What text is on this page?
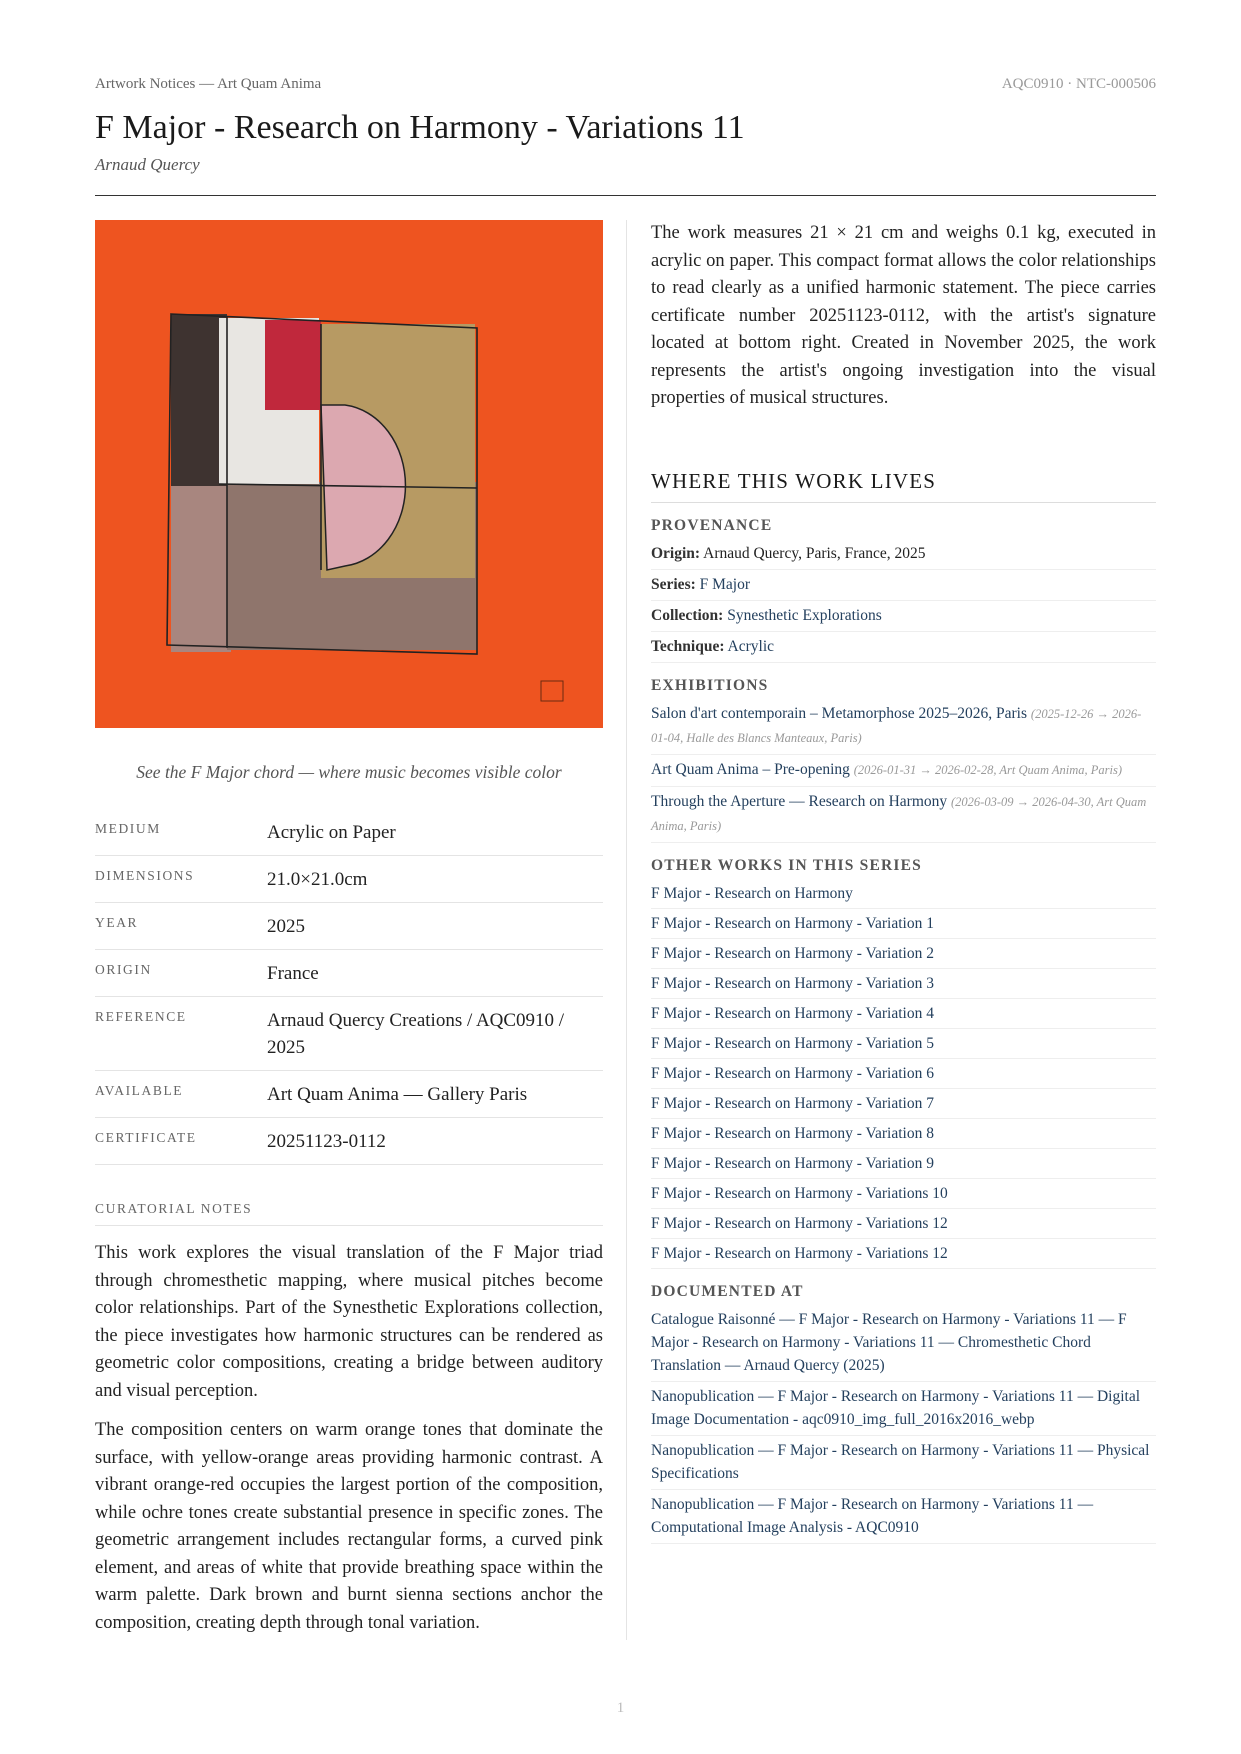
Artwork Notices — Art Quam Anima	AQC0910 · NTC-000506
F Major - Research on Harmony - Variations 11
Arnaud Quercy
See the F Major chord — where music becomes visible color
MEDIUM	Acrylic on Paper
DIMENSIONS	21.0×21.0cm
YEAR	2025
ORIGIN	France
REFERENCE	Arnaud Quercy Creations / AQC0910 / 2025
AVAILABLE	Art Quam Anima — Gallery Paris
CERTIFICATE	20251123-0112
CURATORIAL NOTES

This work explores the visual translation of the F Major triad through chromesthetic mapping, where musical pitches become color relationships. Part of the Synesthetic Explorations collection, the piece investigates how harmonic structures can be rendered as geometric color compositions, creating a bridge between auditory and visual perception.

The composition centers on warm orange tones that dominate the surface, with yellow-orange areas providing harmonic contrast. A vibrant orange-red occupies the largest portion of the composition, while ochre tones create substantial presence in specific zones. The geometric arrangement includes rectangular forms, a curved pink element, and areas of white that provide breathing space within the warm palette. Dark brown and burnt sienna sections anchor the composition, creating depth through tonal variation.

The work measures 21 × 21 cm and weighs 0.1 kg, executed in acrylic on paper. This compact format allows the color relationships to read clearly as a unified harmonic statement. The piece carries certificate number 20251123-0112, with the artist's signature located at bottom right. Created in November 2025, the work represents the artist's ongoing investigation into the visual properties of musical structures.

WHERE THIS WORK LIVES
PROVENANCE
Origin: Arnaud Quercy, Paris, France, 2025
Series: F Major
Collection: Synesthetic Explorations
Technique: Acrylic
EXHIBITIONS
Salon d'art contemporain – Metamorphose 2025–2026, Paris (2025-12-26 → 2026-01-04, Halle des Blancs Manteaux, Paris)
Art Quam Anima – Pre-opening (2026-01-31 → 2026-02-28, Art Quam Anima, Paris)
Through the Aperture — Research on Harmony (2026-03-09 → 2026-04-30, Art Quam Anima, Paris)
OTHER WORKS IN THIS SERIES
F Major - Research on Harmony
F Major - Research on Harmony - Variation 1
F Major - Research on Harmony - Variation 2
F Major - Research on Harmony - Variation 3
F Major - Research on Harmony - Variation 4
F Major - Research on Harmony - Variation 5
F Major - Research on Harmony - Variation 6
F Major - Research on Harmony - Variation 7
F Major - Research on Harmony - Variation 8
F Major - Research on Harmony - Variation 9
F Major - Research on Harmony - Variations 10
F Major - Research on Harmony - Variations 12
F Major - Research on Harmony - Variations 12
DOCUMENTED AT
Catalogue Raisonné — F Major - Research on Harmony - Variations 11 — F Major - Research on Harmony - Variations 11 — Chromesthetic Chord Translation — Arnaud Quercy (2025)
Nanopublication — F Major - Research on Harmony - Variations 11 — Digital Image Documentation - aqc0910_img_full_2016x2016_webp
Nanopublication — F Major - Research on Harmony - Variations 11 — Physical Specifications
Nanopublication — F Major - Research on Harmony - Variations 11 — Computational Image Analysis - AQC0910
1
